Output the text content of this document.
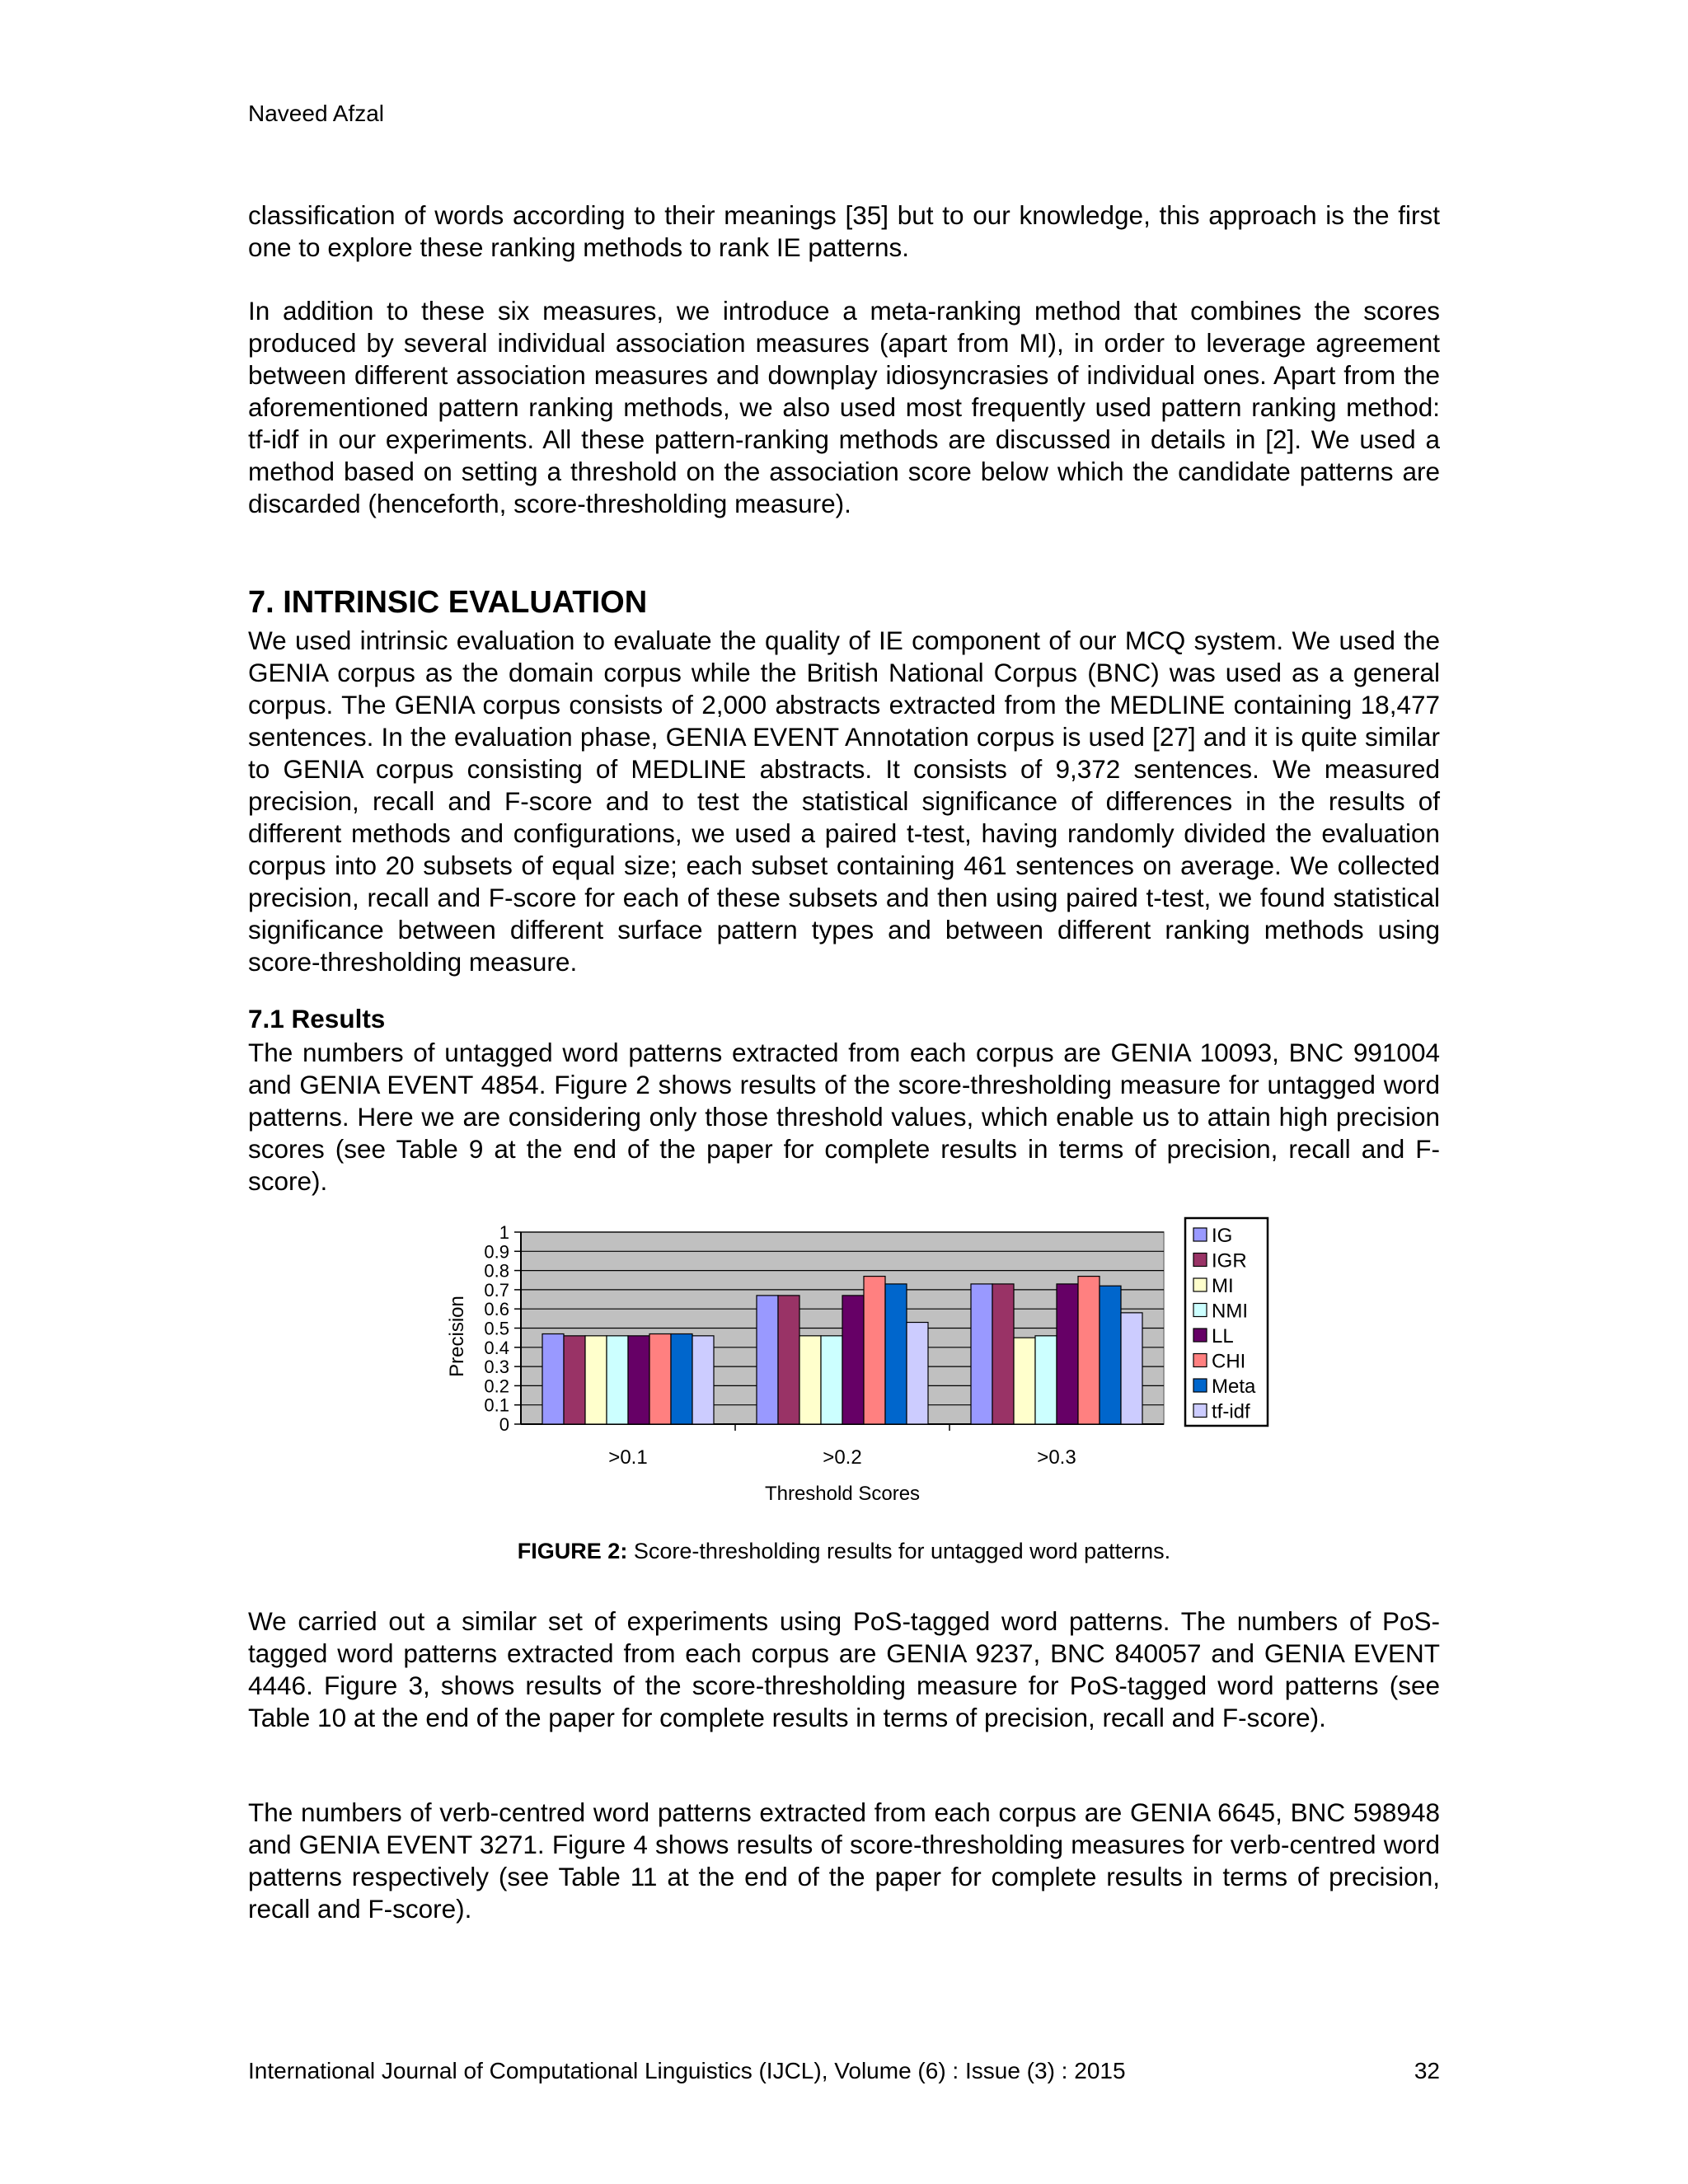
Naveed Afzal

classification of words according to their meanings [35] but to our knowledge, this approach is the first one to explore these ranking methods to rank IE patterns.

In addition to these six measures, we introduce a meta-ranking method that combines the scores produced by several individual association measures (apart from MI), in order to leverage agreement between different association measures and downplay idiosyncrasies of individual ones. Apart from the aforementioned pattern ranking methods, we also used most frequently used pattern ranking method: tf-idf in our experiments. All these pattern-ranking methods are discussed in details in [2]. We used a method based on setting a threshold on the association score below which the candidate patterns are discarded (henceforth, score-thresholding measure).

7. INTRINSIC EVALUATION

We used intrinsic evaluation to evaluate the quality of IE component of our MCQ system. We used the GENIA corpus as the domain corpus while the British National Corpus (BNC) was used as a general corpus. The GENIA corpus consists of 2,000 abstracts extracted from the MEDLINE containing 18,477 sentences. In the evaluation phase, GENIA EVENT Annotation corpus is used [27] and it is quite similar to GENIA corpus consisting of MEDLINE abstracts. It consists of 9,372 sentences. We measured precision, recall and F-score and to test the statistical significance of differences in the results of different methods and configurations, we used a paired t-test, having randomly divided the evaluation corpus into 20 subsets of equal size; each subset containing 461 sentences on average. We collected precision, recall and F-score for each of these subsets and then using paired t-test, we found statistical significance between different surface pattern types and between different ranking methods using score-thresholding measure.

7.1 Results

The numbers of untagged word patterns extracted from each corpus are GENIA 10093, BNC 991004 and GENIA EVENT 4854. Figure 2 shows results of the score-thresholding measure for untagged word patterns. Here we are considering only those threshold values, which enable us to attain high precision scores (see Table 9 at the end of the paper for complete results in terms of precision, recall and F-score).

0
0.1
0.2
0.3
0.4
0.5
0.6
0.7
0.8
0.9
1
>0.1	>0.2	>0.3
Threshold Scores
Precision
IG
IGR
MI
NMI
LL
CHI
Meta
tf-idf
FIGURE 2: Score-thresholding results for untagged word patterns.

We carried out a similar set of experiments using PoS-tagged word patterns. The numbers of PoS-tagged word patterns extracted from each corpus are GENIA 9237, BNC 840057 and GENIA EVENT 4446. Figure 3, shows results of the score-thresholding measure for PoS-tagged word patterns (see Table 10 at the end of the paper for complete results in terms of precision, recall and F-score).

The numbers of verb-centred word patterns extracted from each corpus are GENIA 6645, BNC 598948 and GENIA EVENT 3271. Figure 4 shows results of score-thresholding measures for verb-centred word patterns respectively (see Table 11 at the end of the paper for complete results in terms of precision, recall and F-score).

International Journal of Computational Linguistics (IJCL), Volume (6) : Issue (3) : 2015	32
